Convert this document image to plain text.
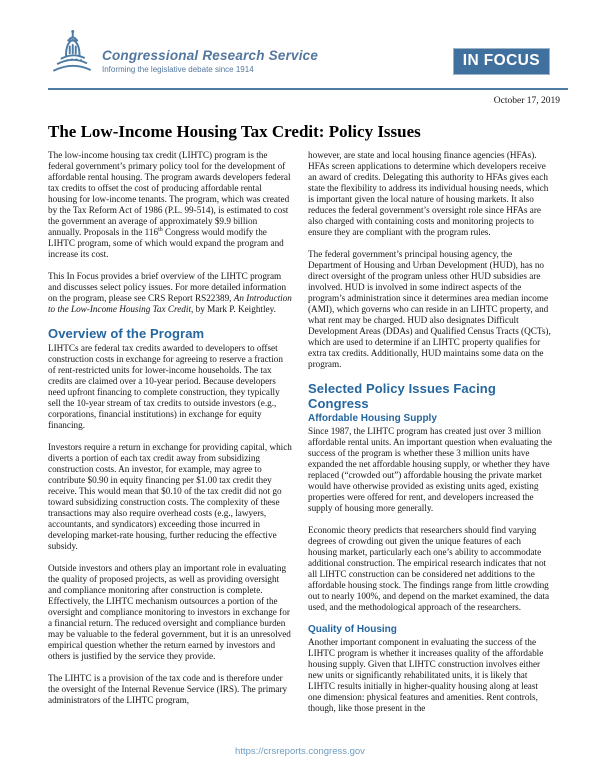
Congressional Research Service
Informing the legislative debate since 1914
IN FOCUS
October 17, 2019
The Low-Income Housing Tax Credit: Policy Issues

The low-income housing tax credit (LIHTC) program is the federal government’s primary policy tool for the development of affordable rental housing. The program awards developers federal tax credits to offset the cost of producing affordable rental housing for low-income tenants. The program, which was created by the Tax Reform Act of 1986 (P.L. 99-514), is estimated to cost the government an average of approximately $9.9 billion annually. Proposals in the 116th Congress would modify the LIHTC program, some of which would expand the program and increase its cost.

This In Focus provides a brief overview of the LIHTC program and discusses select policy issues. For more detailed information on the program, please see CRS Report RS22389, An Introduction to the Low-Income Housing Tax Credit, by Mark P. Keightley.

Overview of the Program

LIHTCs are federal tax credits awarded to developers to offset construction costs in exchange for agreeing to reserve a fraction of rent-restricted units for lower-income households. The tax credits are claimed over a 10-year period. Because developers need upfront financing to complete construction, they typically sell the 10-year stream of tax credits to outside investors (e.g., corporations, financial institutions) in exchange for equity financing.

Investors require a return in exchange for providing capital, which diverts a portion of each tax credit away from subsidizing construction costs. An investor, for example, may agree to contribute $0.90 in equity financing per $1.00 tax credit they receive. This would mean that $0.10 of the tax credit did not go toward subsidizing construction costs. The complexity of these transactions may also require overhead costs (e.g., lawyers, accountants, and syndicators) exceeding those incurred in developing market-rate housing, further reducing the effective subsidy.

Outside investors and others play an important role in evaluating the quality of proposed projects, as well as providing oversight and compliance monitoring after construction is complete. Effectively, the LIHTC mechanism outsources a portion of the oversight and compliance monitoring to investors in exchange for a financial return. The reduced oversight and compliance burden may be valuable to the federal government, but it is an unresolved empirical question whether the return earned by investors and others is justified by the service they provide.

The LIHTC is a provision of the tax code and is therefore under the oversight of the Internal Revenue Service (IRS). The primary administrators of the LIHTC program,

however, are state and local housing finance agencies (HFAs). HFAs screen applications to determine which developers receive an award of credits. Delegating this authority to HFAs gives each state the flexibility to address its individual housing needs, which is important given the local nature of housing markets. It also reduces the federal government’s oversight role since HFAs are also charged with containing costs and monitoring projects to ensure they are compliant with the program rules.

The federal government’s principal housing agency, the Department of Housing and Urban Development (HUD), has no direct oversight of the program unless other HUD subsidies are involved. HUD is involved in some indirect aspects of the program’s administration since it determines area median income (AMI), which governs who can reside in an LIHTC property, and what rent may be charged. HUD also designates Difficult Development Areas (DDAs) and Qualified Census Tracts (QCTs), which are used to determine if an LIHTC property qualifies for extra tax credits. Additionally, HUD maintains some data on the program.

Selected Policy Issues Facing Congress
Affordable Housing Supply

Since 1987, the LIHTC program has created just over 3 million affordable rental units. An important question when evaluating the success of the program is whether these 3 million units have expanded the net affordable housing supply, or whether they have replaced (“crowded out”) affordable housing the private market would have otherwise provided as existing units aged, existing properties were offered for rent, and developers increased the supply of housing more generally.

Economic theory predicts that researchers should find varying degrees of crowding out given the unique features of each housing market, particularly each one’s ability to accommodate additional construction. The empirical research indicates that not all LIHTC construction can be considered net additions to the affordable housing stock. The findings range from little crowding out to nearly 100%, and depend on the market examined, the data used, and the methodological approach of the researchers.

Quality of Housing

Another important component in evaluating the success of the LIHTC program is whether it increases quality of the affordable housing supply. Given that LIHTC construction involves either new units or significantly rehabilitated units, it is likely that LIHTC results initially in higher-quality housing along at least one dimension: physical features and amenities. Rent controls, though, like those present in the

https://crsreports.congress.gov
